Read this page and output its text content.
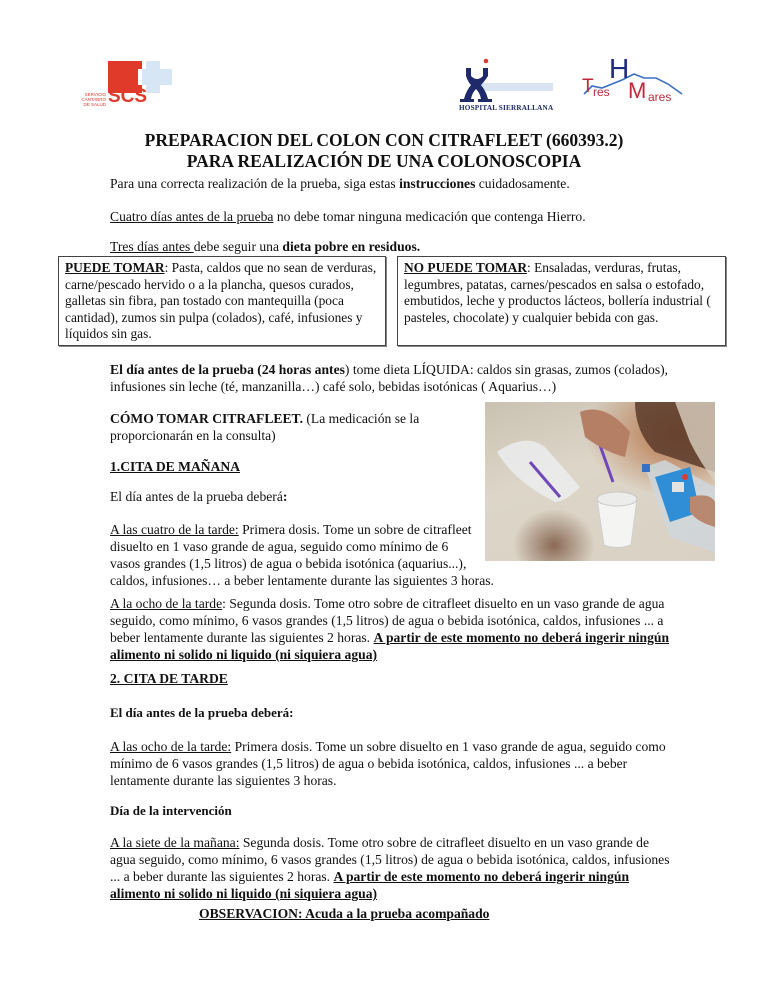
SERVICIO
CÁNTABRO
DE SALUD SCS
HOSPITAL SIERRALLANA
H
T res M ares
PREPARACION DEL COLON CON CITRAFLEET (660393.2)
PARA REALIZACIÓN DE UNA COLONOSCOPIA
Para una correcta realización de la prueba, siga estas instrucciones cuidadosamente.
Cuatro días antes de la prueba no debe tomar ninguna medicación que contenga Hierro.
Tres días antes debe seguir una dieta pobre en residuos.
PUEDE TOMAR: Pasta, caldos que no sean de verduras, carne/pescado hervido o a la plancha, quesos curados, galletas sin fibra, pan tostado con mantequilla (poca cantidad), zumos sin pulpa (colados), café, infusiones y líquidos sin gas.
NO PUEDE TOMAR: Ensaladas, verduras, frutas, legumbres, patatas, carnes/pescados en salsa o estofado, embutidos, leche y productos lácteos, bollería industrial ( pasteles, chocolate) y cualquier bebida con gas.
El día antes de la prueba (24 horas antes) tome dieta LÍQUIDA: caldos sin grasas, zumos (colados), infusiones sin leche (té, manzanilla…) café solo, bebidas isotónicas ( Aquarius…)
CÓMO TOMAR CITRAFLEET. (La medicación se la proporcionarán en la consulta)
1.CITA DE MAÑANA
El día antes de la prueba deberá:
A las cuatro de la tarde: Primera dosis. Tome un sobre de citrafleet disuelto en 1 vaso grande de agua, seguido como mínimo de 6 vasos grandes (1,5 litros) de agua o bebida isotónica (aquarius...), caldos, infusiones… a beber lentamente durante las siguientes 3 horas.
A la ocho de la tarde: Segunda dosis. Tome otro sobre de citrafleet disuelto en un vaso grande de agua seguido, como mínimo, 6 vasos grandes (1,5 litros) de agua o bebida isotónica, caldos, infusiones ... a beber lentamente durante las siguientes 2 horas. A partir de este momento no deberá ingerir ningún alimento ni solido ni liquido (ni siquiera agua)
2. CITA DE TARDE
El día antes de la prueba deberá:
A las ocho de la tarde: Primera dosis. Tome un sobre disuelto en 1 vaso grande de agua, seguido como mínimo de 6 vasos grandes (1,5 litros) de agua o bebida isotónica, caldos, infusiones ... a beber lentamente durante las siguientes 3 horas.
Día de la intervención
A la siete de la mañana: Segunda dosis. Tome otro sobre de citrafleet disuelto en un vaso grande de agua seguido, como mínimo, 6 vasos grandes (1,5 litros) de agua o bebida isotónica, caldos, infusiones ... a beber durante las siguientes 2 horas. A partir de este momento no deberá ingerir ningún alimento ni solido ni liquido (ni siquiera agua)
OBSERVACION: Acuda a la prueba acompañado
